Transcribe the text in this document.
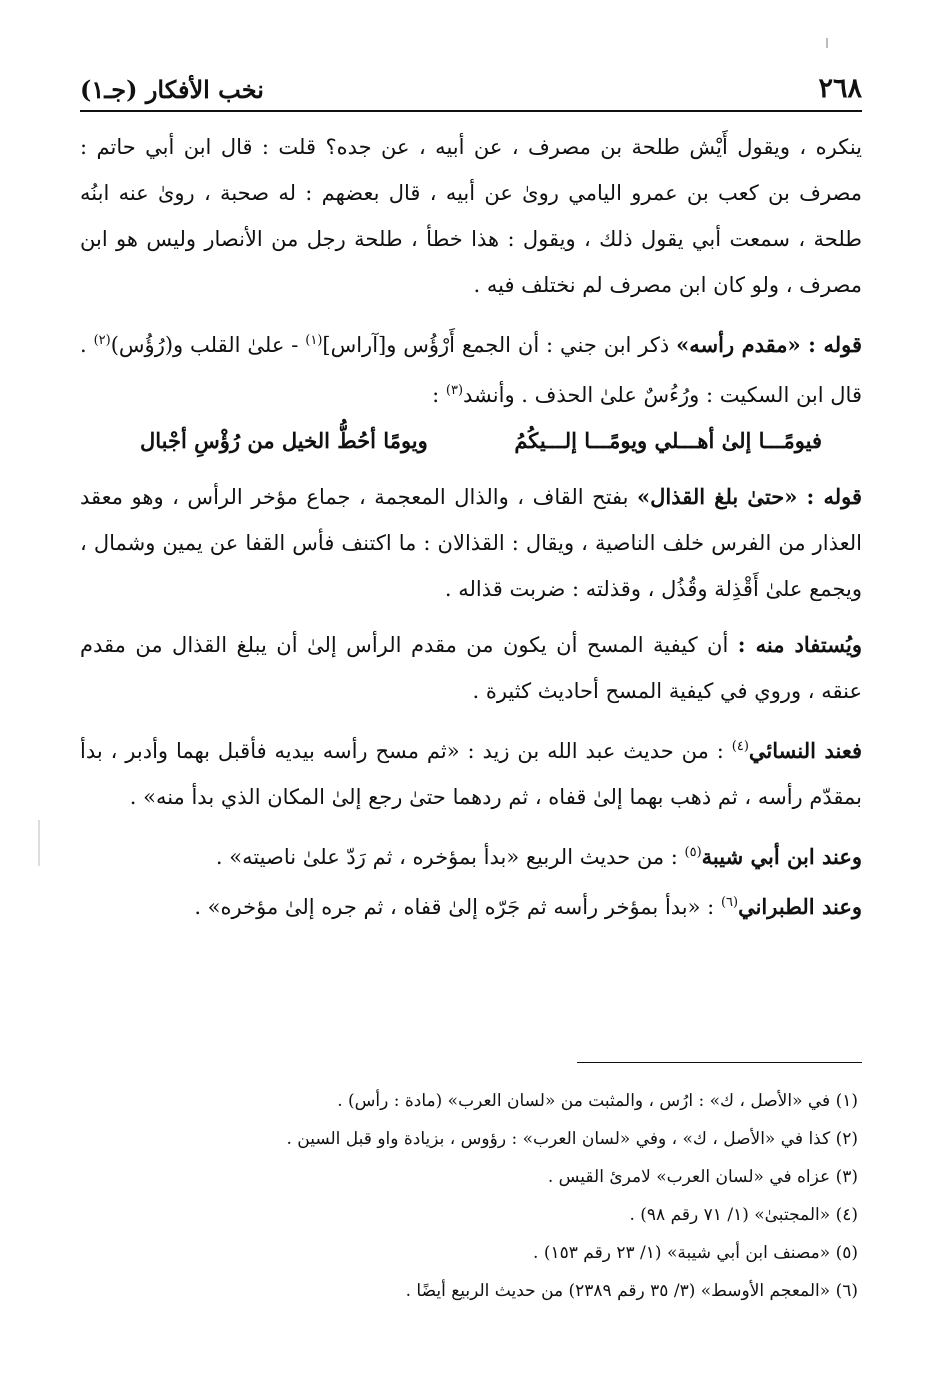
٢٦٨
نخب الأفكار (جـ١)

ينكره ، ويقول أَيْش طلحة بن مصرف ، عن أبيه ، عن جده؟ قلت : قال ابن أبي حاتم : مصرف بن كعب بن عمرو اليامي روىٰ عن أبيه ، قال بعضهم : له صحبة ، روىٰ عنه ابنُه طلحة ، سمعت أبي يقول ذلك ، ويقول : هذا خطأ ، طلحة رجل من الأنصار وليس هو ابن مصرف ، ولو كان ابن مصرف لم نختلف فيه .

قوله : «مقدم رأسه» ذكر ابن جني : أن الجمع أَرْؤُس و[آراس]$^{(١)}$ - علىٰ القلب و(رُؤُس)$^{(٢)}$ . قال ابن السكيت : ورُءُسٌ علىٰ الحذف . وأنشد$^{(٣)}$ :

فيومًـــا إلىٰ أهـــلي ويومًـــا إلـــيكُمُ
ويومًا أحُطُّ الخيل من رُؤْسِ أجْبال

قوله : «حتىٰ بلغ القذال» بفتح القاف ، والذال المعجمة ، جماع مؤخر الرأس ، وهو معقد العذار من الفرس خلف الناصية ، ويقال : القذالان : ما اكتنف فأس القفا عن يمين وشمال ، ويجمع علىٰ أَقْذِلة وقُذُل ، وقذلته : ضربت قذاله .

ويُستفاد منه : أن كيفية المسح أن يكون من مقدم الرأس إلىٰ أن يبلغ القذال من مقدم عنقه ، وروي في كيفية المسح أحاديث كثيرة .

فعند النسائي$^{(٤)}$ : من حديث عبد الله بن زيد : «ثم مسح رأسه بيديه فأقبل بهما وأدبر ، بدأ بمقدّم رأسه ، ثم ذهب بهما إلىٰ قفاه ، ثم ردهما حتىٰ رجع إلىٰ المكان الذي بدأ منه» .

وعند ابن أبي شيبة$^{(٥)}$ : من حديث الربيع «بدأ بمؤخره ، ثم رَدّ علىٰ ناصيته» .

وعند الطبراني$^{(٦)}$ : «بدأ بمؤخر رأسه ثم جَرّه إلىٰ قفاه ، ثم جره إلىٰ مؤخره» .

(١) في «الأصل ، ك» : ارُس ، والمثبت من «لسان العرب» (مادة : رأس) .
(٢) كذا في «الأصل ، ك» ، وفي «لسان العرب» : رؤوس ، بزيادة واو قبل السين .
(٣) عزاه في «لسان العرب» لامرئ القيس .
(٤) «المجتبىٰ» (١/ ٧١ رقم ٩٨) .
(٥) «مصنف ابن أبي شيبة» (١/ ٢٣ رقم ١٥٣) .
(٦) «المعجم الأوسط» (٣/ ٣٥ رقم ٢٣٨٩) من حديث الربيع أيضًا .
